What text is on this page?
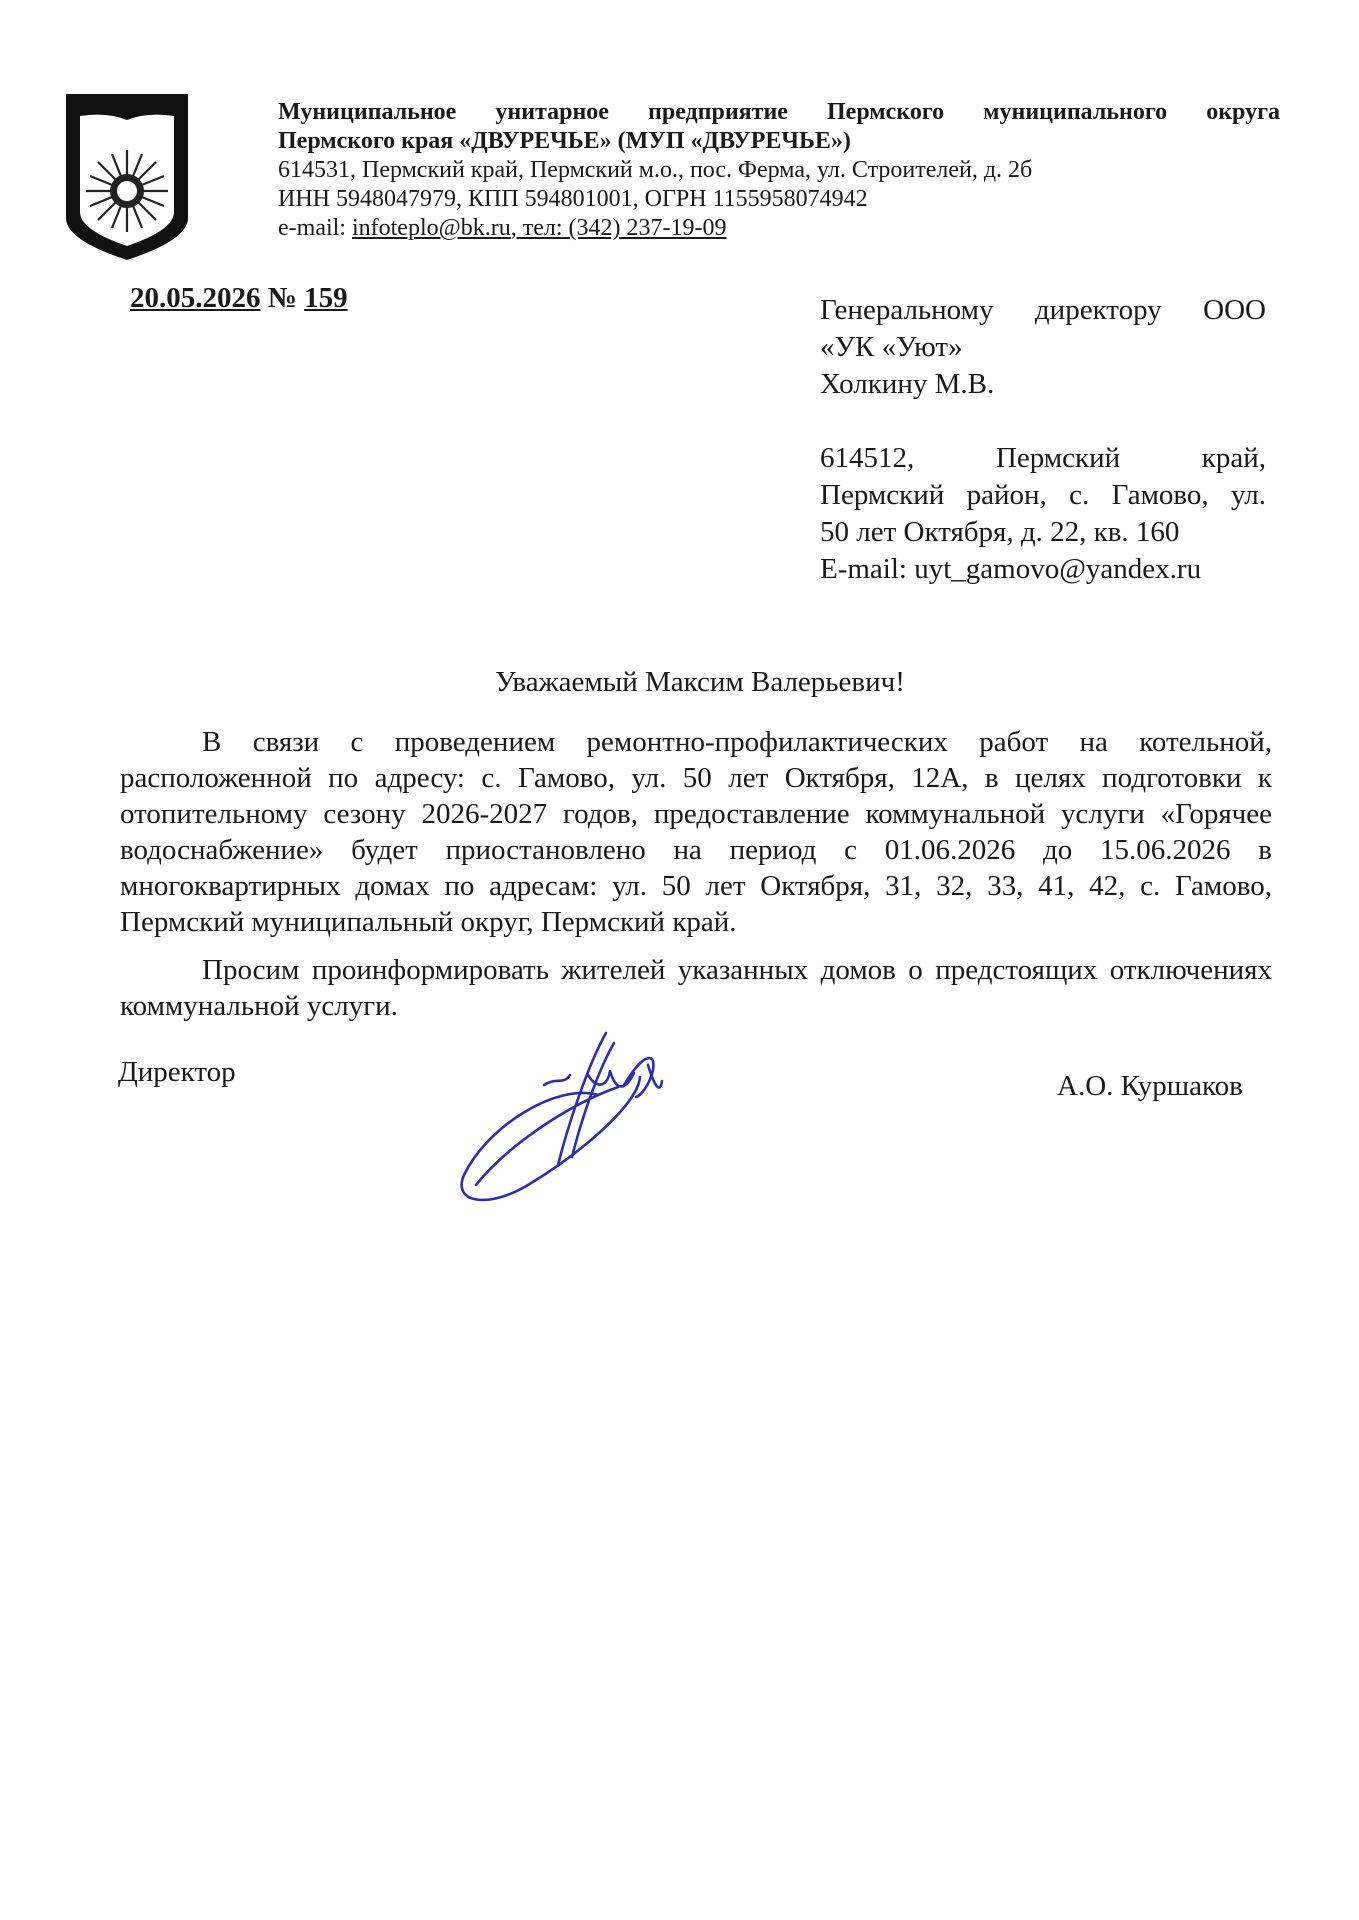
Муниципальное унитарное предприятие Пермского муниципального округа
Пермского края «ДВУРЕЧЬЕ» (МУП «ДВУРЕЧЬЕ»)
614531, Пермский край, Пермский м.о., пос. Ферма, ул. Строителей, д. 2б
ИНН 5948047979, КПП 594801001, ОГРН 1155958074942
e-mail: infoteplo@bk.ru, тел: (342) 237-19-09
20.05.2026 № 159	Генеральному директору ООО
«УК «Уют»
Холкину М.В.
614512, Пермский край,
Пермский район, с. Гамово, ул.
50 лет Октября, д. 22, кв. 160
E-mail: uyt_gamovo@yandex.ru
Уважаемый Максим Валерьевич!

В связи с проведением ремонтно-профилактических работ на котельной, расположенной по адресу: с. Гамово, ул. 50 лет Октября, 12А, в целях подготовки к отопительному сезону 2026-2027 годов, предоставление коммунальной услуги «Горячее водоснабжение» будет приостановлено на период с 01.06.2026 до 15.06.2026 в многоквартирных домах по адресам: ул. 50 лет Октября, 31, 32, 33, 41, 42, с. Гамово, Пермский муниципальный округ, Пермский край.

Просим проинформировать жителей указанных домов о предстоящих отключениях коммунальной услуги.

Директор	А.О. Куршаков
